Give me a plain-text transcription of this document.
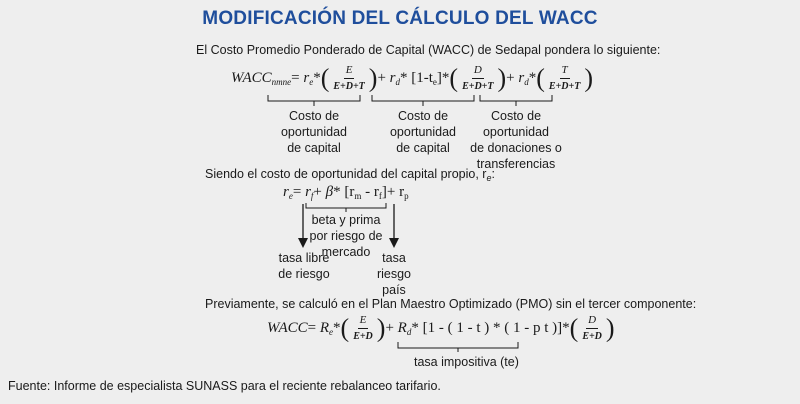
MODIFICACIÓN DEL CÁLCULO DEL WACC
El Costo Promedio Ponderado de Capital (WACC) de Sedapal pondera lo siguiente:
$WACC_{nmne}= r_e*( \frac{E}{E+D+T}$ )+ $r_d*$ $[1-t_e]*( \frac{D}{E+D+T}$ )+ $r_d*( \frac{T}{E+D+T}$ )
Costo de
oportunidad
de capital
Costo de
oportunidad
de capital
Costo de
oportunidad
de donaciones o
transferencias
Siendo el costo de oportunidad del capital propio, $r_e$:
$r_e= r_f+ \beta*$ $[r_m - r_f]+ r_p$
beta y prima
por riesgo de
mercado
tasa libre
de riesgo
tasa
riesgo
país
Previamente, se calculó en el Plan Maestro Optimizado (PMO) sin el tercer componente:
WACC= $R_e*( \frac{E}{E+D}$ )+ $R_d*$ [1 - ( 1 - t ) * ( 1 - p t )]*( $\frac{D}{E+D}$ )
tasa impositiva (te)
Fuente: Informe de especialista SUNASS para el reciente rebalanceo tarifario.
